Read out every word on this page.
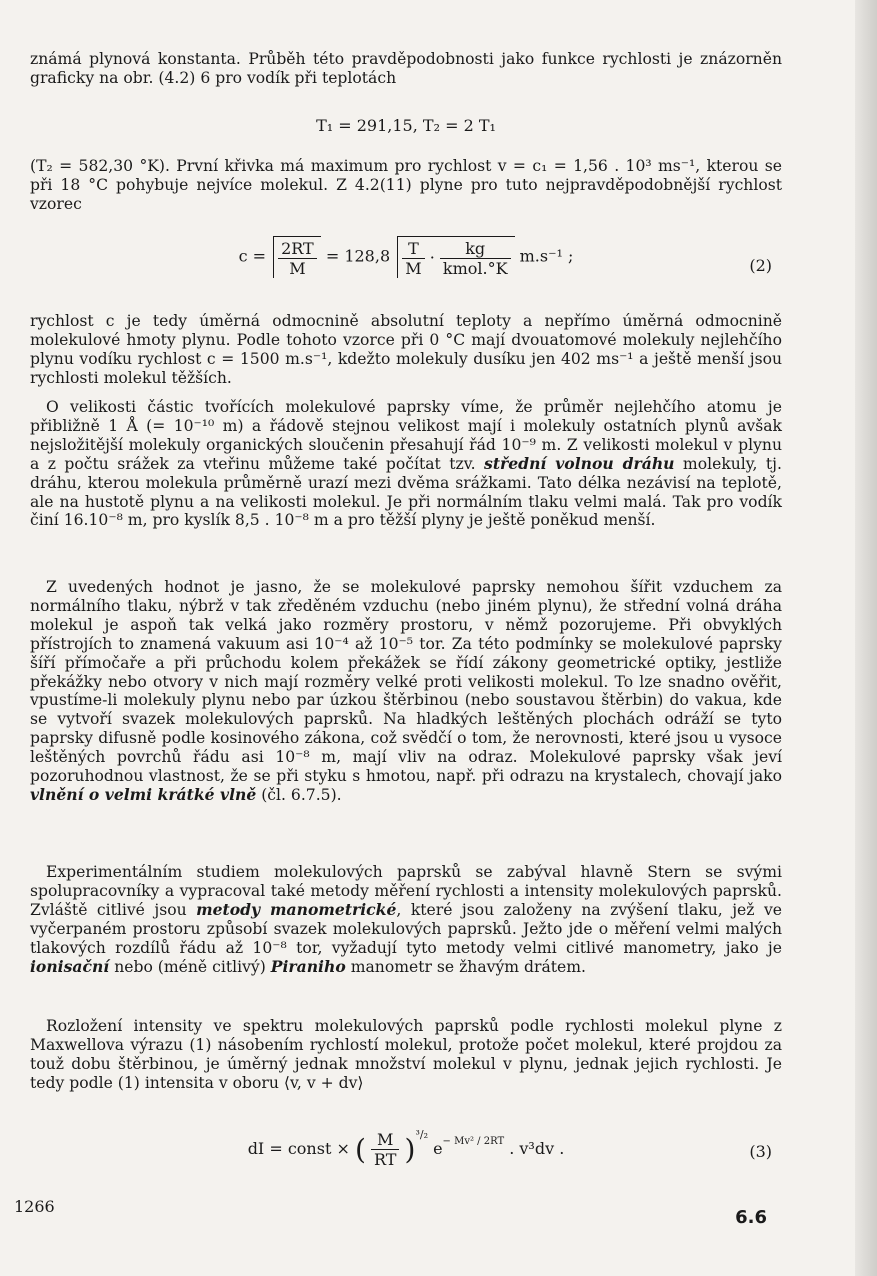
známá plynová konstanta. Průběh této pravděpodobnosti jako funkce rychlosti je znázorněn graficky na obr. (4.2) 6 pro vodík při teplotách

T₁ = 291,15, T₂ = 2 T₁

(T₂ = 582,30 °K). První křivka má maximum pro rychlost v = c₁ = 1,56 . 10³ ms⁻¹, kterou se při 18 °C pohybuje nejvíce molekul. Z 4.2(11) plyne pro tuto nejpravděpodobnější rychlost vzorec

$c = \frac{2RT}{M} = 128,8 \frac{T}{M} \cdot \frac{kg}{\text{kmol.°K}} m.s^{-1}$ ;	(2)

rychlost c je tedy úměrná odmocnině absolutní teploty a nepřímo úměrná odmocnině molekulové hmoty plynu. Podle tohoto vzorce při 0 °C mají dvouatomové molekuly nejlehčího plynu vodíku rychlost c = 1500 m.s⁻¹, kdežto molekuly dusíku jen 402 ms⁻¹ a ještě menší jsou rychlosti molekul těžších.

O velikosti částic tvořících molekulové paprsky víme, že průměr nejlehčího atomu je přibližně 1 Å (= 10⁻¹⁰ m) a řádově stejnou velikost mají i molekuly ostatních plynů avšak nejsložitější molekuly organických sloučenin přesahují řád 10⁻⁹ m. Z velikosti molekul v plynu a z počtu srážek za vteřinu můžeme také počítat tzv. střední volnou dráhu molekuly, tj. dráhu, kterou molekula průměrně urazí mezi dvěma srážkami. Tato délka nezávisí na teplotě, ale na hustotě plynu a na velikosti molekul. Je při normálním tlaku velmi malá. Tak pro vodík činí 16.10⁻⁸ m, pro kyslík 8,5 . 10⁻⁸ m a pro těžší plyny je ještě poněkud menší.

Z uvedených hodnot je jasno, že se molekulové paprsky nemohou šířit vzduchem za normálního tlaku, nýbrž v tak zředěném vzduchu (nebo jiném plynu), že střední volná dráha molekul je aspoň tak velká jako rozměry prostoru, v němž pozorujeme. Při obvyklých přístrojích to znamená vakuum asi 10⁻⁴ až 10⁻⁵ tor. Za této podmínky se molekulové paprsky šíří přímočaře a při průchodu kolem překážek se řídí zákony geometrické optiky, jestliže překážky nebo otvory v nich mají rozměry velké proti velikosti molekul. To lze snadno ověřit, vpustíme-li molekuly plynu nebo par úzkou štěrbinou (nebo soustavou štěrbin) do vakua, kde se vytvoří svazek molekulových paprsků. Na hladkých leštěných plochách odráží se tyto paprsky difusně podle kosinového zákona, což svědčí o tom, že nerovnosti, které jsou u vysoce leštěných povrchů řádu asi 10⁻⁸ m, mají vliv na odraz. Molekulové paprsky však jeví pozoruhodnou vlastnost, že se při styku s hmotou, např. při odrazu na krystalech, chovají jako vlnění o velmi krátké vlně (čl. 6.7.5).

Experimentálním studiem molekulových paprsků se zabýval hlavně Stern se svými spolupracovníky a vypracoval také metody měření rychlosti a intensity molekulových paprsků. Zvláště citlivé jsou metody manometrické, které jsou založeny na zvýšení tlaku, jež ve vyčerpaném prostoru způsobí svazek molekulových paprsků. Ježto jde o měření velmi malých tlakových rozdílů řádu až 10⁻⁸ tor, vyžadují tyto metody velmi citlivé manometry, jako je ionisační nebo (méně citlivý) Piraniho manometr se žhavým drátem.

Rozložení intensity ve spektru molekulových paprsků podle rychlosti molekul plyne z Maxwellova výrazu (1) násobením rychlostí molekul, protože počet molekul, které projdou za touž dobu štěrbinou, je úměrný jednak množství molekul v plynu, jednak jejich rychlosti. Je tedy podle (1) intensita v oboru ⟨v, v + dv⟩

dI = const × ( $\frac{M}{RT} )^{^3/_2}$ $e^{- Mv^2 / 2RT}$ . v³dv .	(3)
1266
6.6
